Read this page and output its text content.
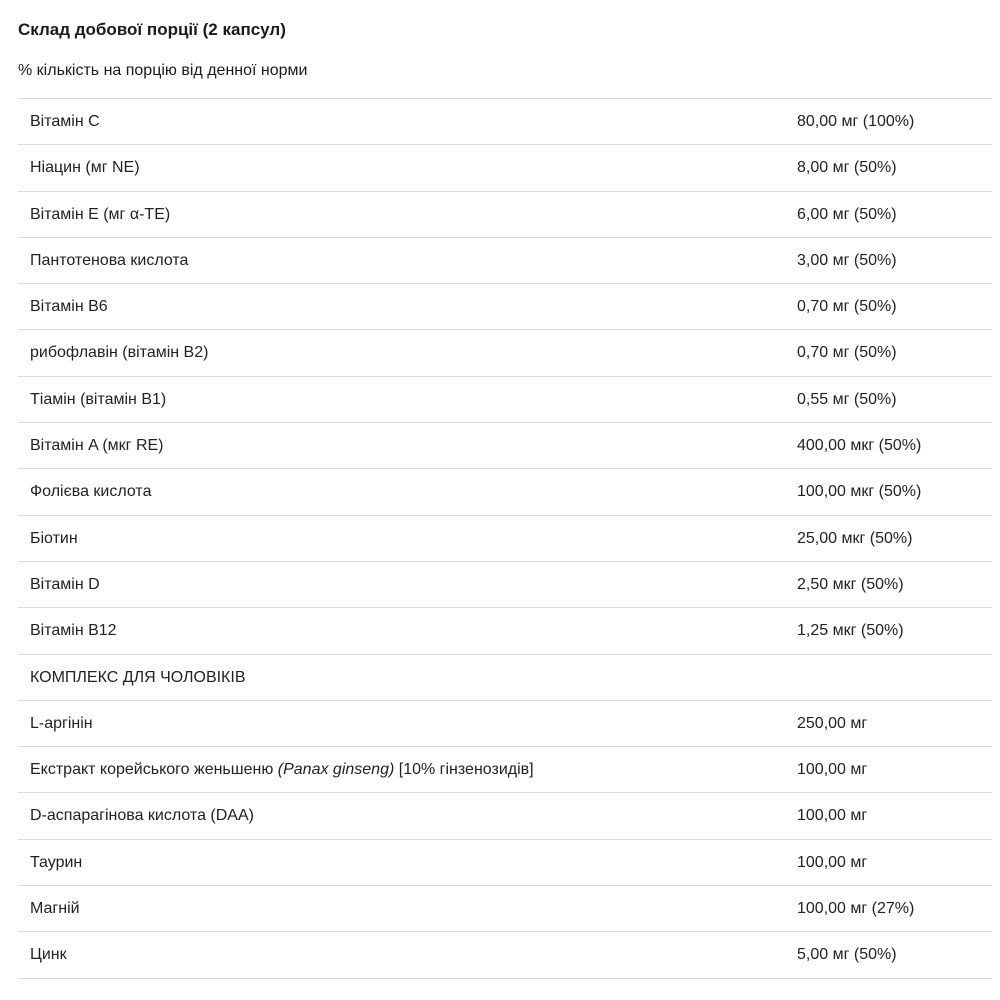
Склад добової порції (2 капсул)
% кількість на порцію від денної норми
Вітамін C	80,00 мг (100%)
Ніацин (мг NE)	8,00 мг (50%)
Вітамін E (мг α-TE)	6,00 мг (50%)
Пантотенова кислота	3,00 мг (50%)
Вітамін B6	0,70 мг (50%)
рибофлавін (вітамін B2)	0,70 мг (50%)
Тіамін (вітамін B1)	0,55 мг (50%)
Вітамін A (мкг RE)	400,00 мкг (50%)
Фолієва кислота	100,00 мкг (50%)
Біотин	25,00 мкг (50%)
Вітамін D	2,50 мкг (50%)
Вітамін B12	1,25 мкг (50%)
КОМПЛЕКС ДЛЯ ЧОЛОВІКІВ
L-аргінін	250,00 мг
Екстракт корейського женьшеню (Panax ginseng) [10% гінзенозидів]	100,00 мг
D-аспарагінова кислота (DAA)	100,00 мг
Таурин	100,00 мг
Магній	100,00 мг (27%)
Цинк	5,00 мг (50%)
